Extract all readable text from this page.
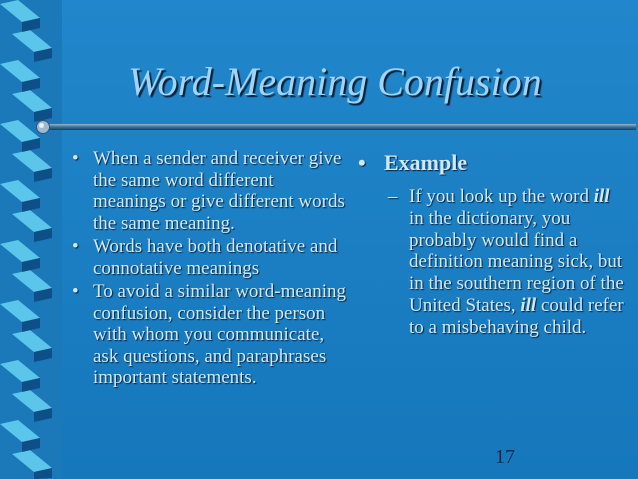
Word-Meaning Confusion
• When a sender and receiver give the same word different meanings or give different words the same meaning.
• Words have both denotative and connotative meanings
• To avoid a similar word-meaning confusion, consider the person with whom you communicate, ask questions, and paraphrases important statements.
• Example
– If you look up the word ill in the dictionary, you probably would find a definition meaning sick, but in the southern region of the United States, ill could refer to a misbehaving child.
17
